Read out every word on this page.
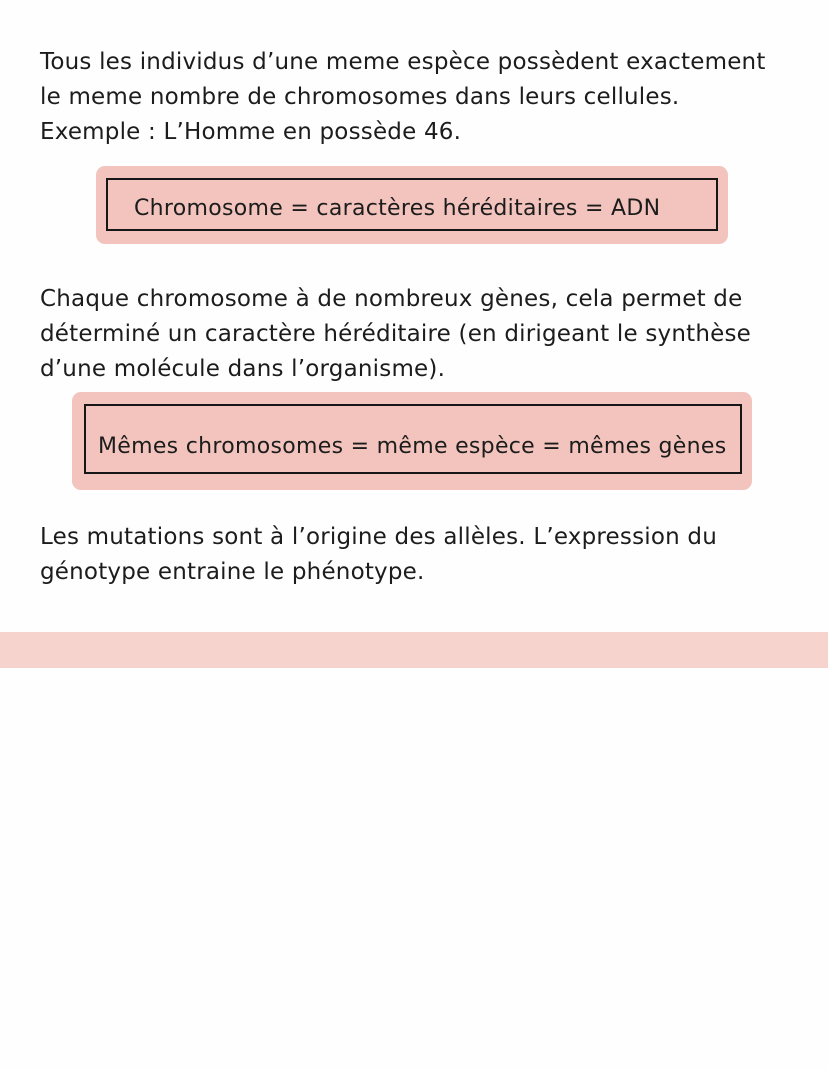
Tous les individus d’une meme espèce possèdent exactement
le meme nombre de chromosomes dans leurs cellules.
Exemple : L’Homme en possède 46.

Chromosome = caractères héréditaires = ADN

Chaque chromosome à de nombreux gènes, cela permet de
déterminé un caractère héréditaire (en dirigeant le synthèse
d’une molécule dans l’organisme).

Mêmes chromosomes = même espèce = mêmes gènes

Les mutations sont à l’origine des allèles. L’expression du
génotype entraine le phénotype.
